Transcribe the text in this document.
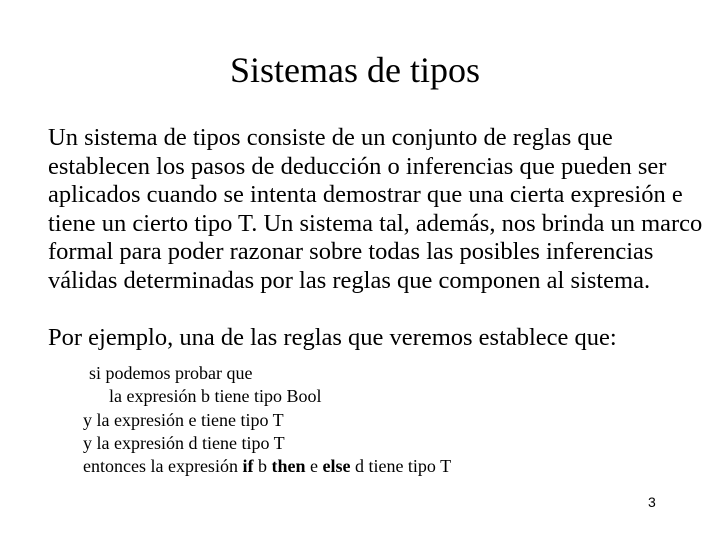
Sistemas de tipos

Un sistema de tipos consiste de un conjunto de reglas que
establecen los pasos de deducción o inferencias que pueden ser
aplicados cuando se intenta demostrar que una cierta expresión e
tiene un cierto tipo T. Un sistema tal, además, nos brinda un marco
formal para poder razonar sobre todas las posibles inferencias
válidas determinadas por las reglas que componen al sistema.

Por ejemplo, una de las reglas que veremos establece que:

si podemos probar que
la expresión b tiene tipo Bool
y la expresión e tiene tipo T
y la expresión d tiene tipo T
entonces la expresión if b then e else d tiene tipo T
3
